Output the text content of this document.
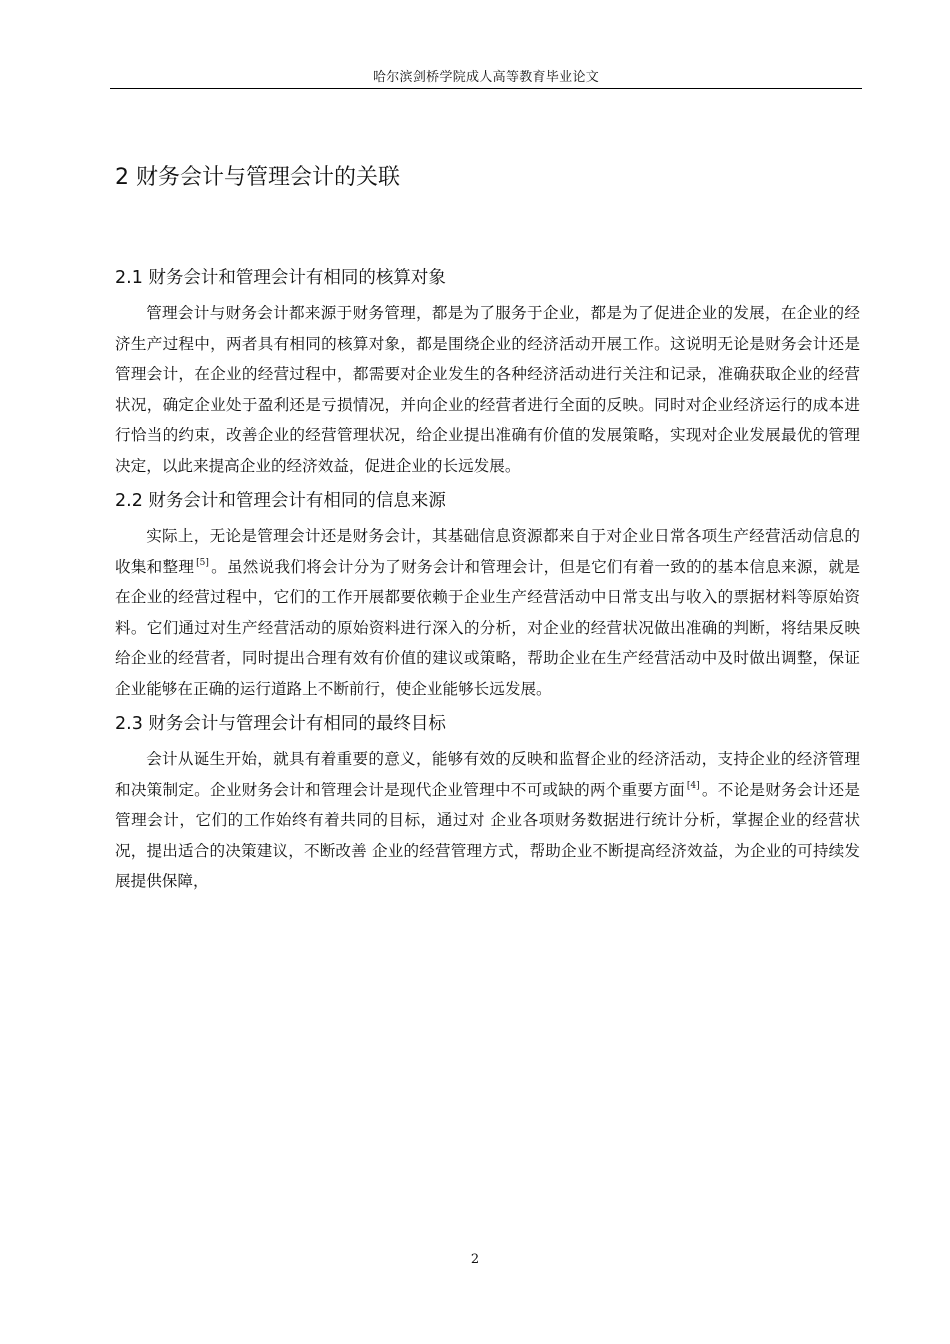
哈尔滨剑桥学院成人高等教育毕业论文
2 财务会计与管理会计的关联
2.1 财务会计和管理会计有相同的核算对象

管理会计与财务会计都来源于财务管理，都是为了服务于企业，都是为了促进企业的发展，在企业的经济生产过程中，两者具有相同的核算对象，都是围绕企业的经济活动开展工作。这说明无论是财务会计还是管理会计，在企业的经营过程中，都需要对企业发生的各种经济活动进行关注和记录，准确获取企业的经营状况，确定企业处于盈利还是亏损情况，并向企业的经营者进行全面的反映。同时对企业经济运行的成本进行恰当的约束，改善企业的经营管理状况，给企业提出准确有价值的发展策略，实现对企业发展最优的管理决定，以此来提高企业的经济效益，促进企业的长远发展。

2.2 财务会计和管理会计有相同的信息来源

实际上，无论是管理会计还是财务会计，其基础信息资源都来自于对企业日常各项生产经营活动信息的收集和整理 [5] 。虽然说我们将会计分为了财务会计和管理会计，但是它们有着一致的的基本信息来源，就是在企业的经营过程中，它们的工作开展都要依赖于企业生产经营活动中日常支出与收入的票据材料等原始资料。它们通过对生产经营活动的原始资料进行深入的分析，对企业的经营状况做出准确的判断，将结果反映给企业的经营者，同时提出合理有效有价值的建议或策略，帮助企业在生产经营活动中及时做出调整，保证企业能够在正确的运行道路上不断前行，使企业能够长远发展。

2.3 财务会计与管理会计有相同的最终目标

会计从诞生开始，就具有着重要的意义，能够有效的反映和监督企业的经济活动，支持企业的经济管理和决策制定。企业财务会计和管理会计是现代企业管理中不可或缺的两个重要方面 [4] 。不论是财务会计还是管理会计，它们的工作始终有着共同的目标，通过对 企业各项财务数据进行统计分析，掌握企业的经营状况，提出适合的决策建议，不断改善 企业的经营管理方式，帮助企业不断提高经济效益，为企业的可持续发展提供保障，

2
